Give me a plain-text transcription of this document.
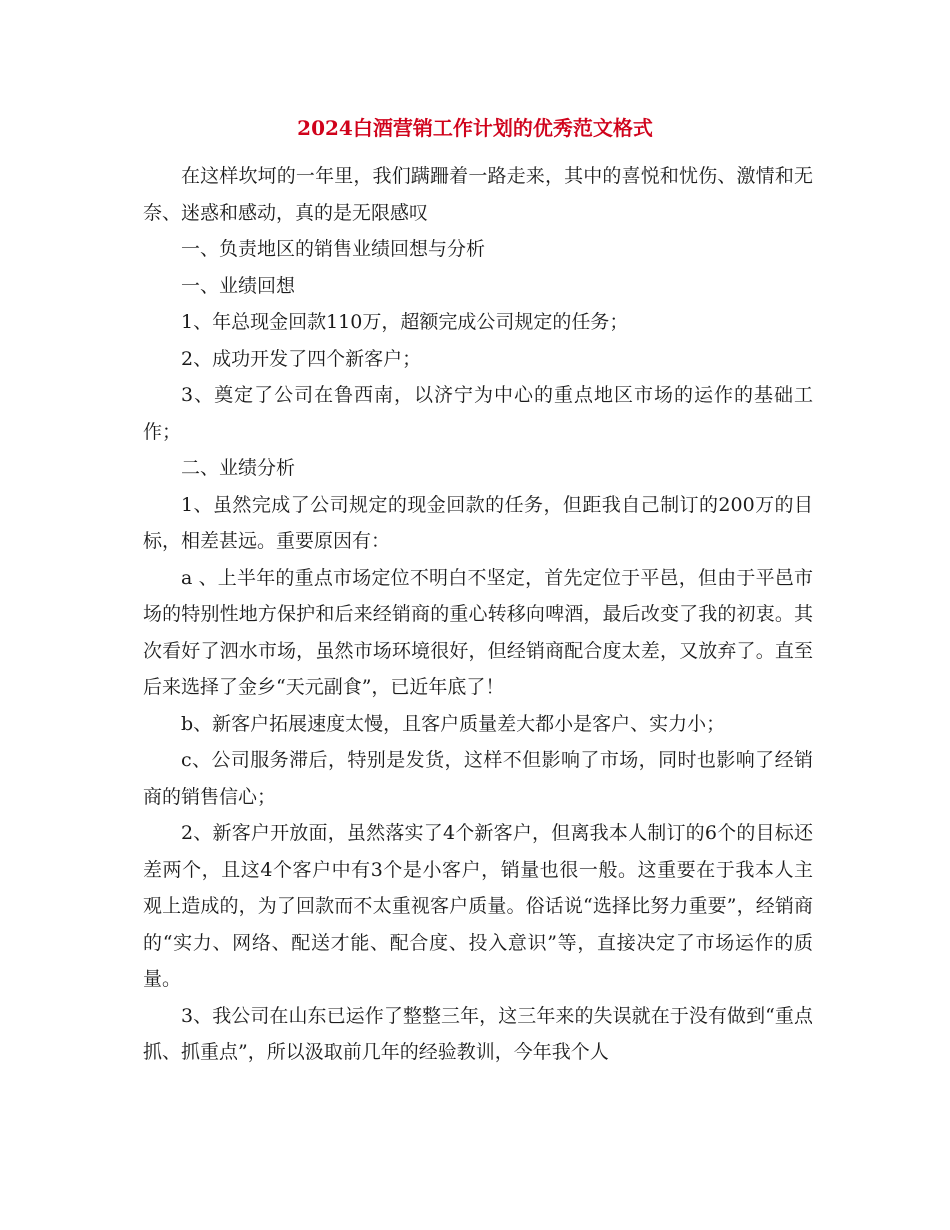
2024白酒营销工作计划的优秀范文格式

在这样坎坷的一年里，我们蹒跚着一路走来，其中的喜悦和忧伤、激情和无奈、迷惑和感动，真的是无限感叹

一、负责地区的销售业绩回想与分析

一、业绩回想

1、年总现金回款110万，超额完成公司规定的任务；

2、成功开发了四个新客户；

3、奠定了公司在鲁西南，以济宁为中心的重点地区市场的运作的基础工作；

二、业绩分析

1、虽然完成了公司规定的现金回款的任务，但距我自己制订的200万的目标，相差甚远。重要原因有：

a 、上半年的重点市场定位不明白不坚定，首先定位于平邑，但由于平邑市场的特别性地方保护和后来经销商的重心转移向啤酒，最后改变了我的初衷。其次看好了泗水市场，虽然市场环境很好，但经销商配合度太差，又放弃了。直至后来选择了金乡“天元副食”，已近年底了！

b、新客户拓展速度太慢，且客户质量差大都小是客户、实力小；

c、公司服务滞后，特别是发货，这样不但影响了市场，同时也影响了经销商的销售信心；

2、新客户开放面，虽然落实了4个新客户，但离我本人制订的6个的目标还差两个，且这4个客户中有3个是小客户，销量也很一般。这重要在于我本人主观上造成的，为了回款而不太重视客户质量。俗话说“选择比努力重要”，经销商的“实力、网络、配送才能、配合度、投入意识”等，直接决定了市场运作的质量。

3、我公司在山东已运作了整整三年，这三年来的失误就在于没有做到“重点抓、抓重点”，所以汲取前几年的经验教训，今年我个人
